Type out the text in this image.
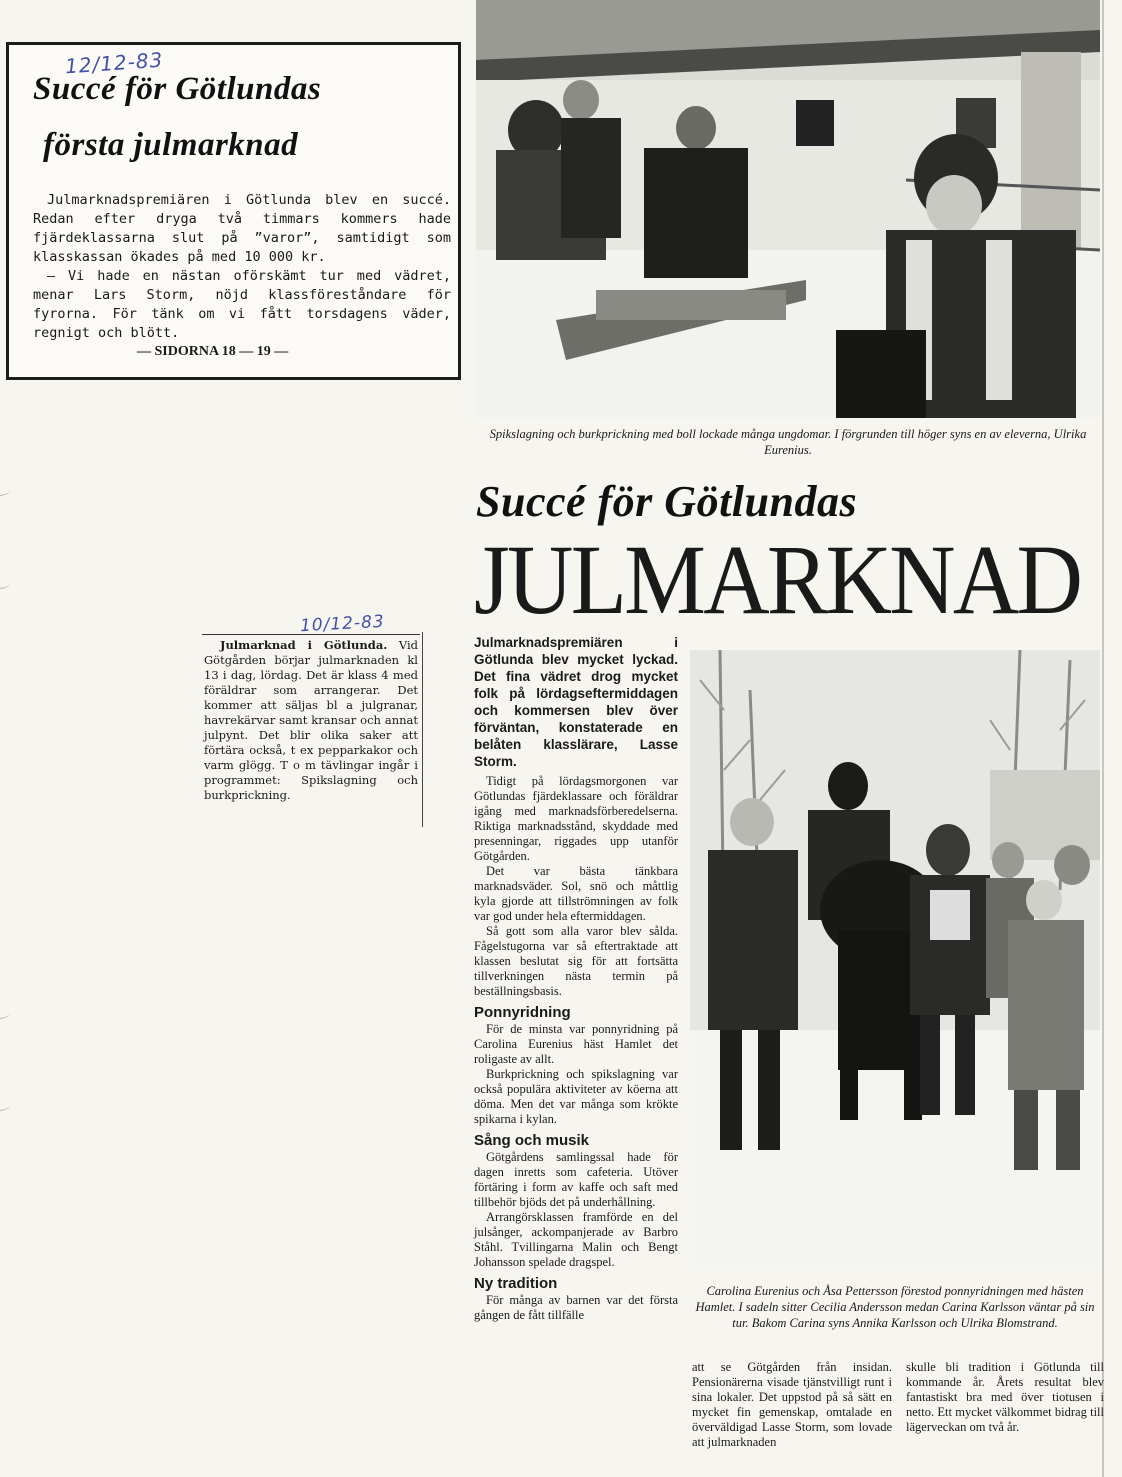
12/12-83
Succé för Götlundas
första julmarknad
Julmarknadspremiären i Götlunda blev en succé. Redan efter dryga två timmars kommers hade fjärdeklassarna slut på ”varor”, samtidigt som klasskassan ökades på med 10 000 kr.
— Vi hade en nästan oförskämt tur med vädret, menar Lars Storm, nöjd klassföreståndare för fyrorna. För tänk om vi fått torsdagens väder, regnigt och blött.
— SIDORNA 18 — 19 —
Spikslagning och burkprickning med boll lockade många ungdomar. I förgrunden till höger syns en av eleverna, Ulrika Eurenius.
Succé för Götlundas
JULMARKNAD
10/12-83
Julmarknad i Götlunda. Vid Götgården börjar julmarknaden kl 13 i dag, lördag. Det är klass 4 med föräldrar som arrangerar. Det kommer att säljas bl a julgranar, havrekärvar samt kransar och annat julpynt. Det blir olika saker att förtära också, t ex pepparkakor och varm glögg. T o m tävlingar ingår i programmet: Spikslagning och burkprickning.
Julmarknadspremiären i Götlunda blev mycket lyckad. Det fina vädret drog mycket folk på lördagseftermiddagen och kommersen blev över förväntan, konstaterade en belåten klasslärare, Lasse Storm.

Tidigt på lördagsmorgonen var Götlundas fjärdeklassare och föräldrar igång med marknadsförberedelserna. Riktiga marknadsstånd, skyddade med presenningar, riggades upp utanför Götgården.

Det var bästa tänkbara marknadsväder. Sol, snö och måttlig kyla gjorde att tillströmningen av folk var god under hela eftermiddagen.

Så gott som alla varor blev sålda. Fågelstugorna var så eftertraktade att klassen beslutat sig för att fortsätta tillverkningen nästa termin på beställningsbasis.

Ponnyridning

För de minsta var ponnyridning på Carolina Eurenius häst Hamlet det roligaste av allt.

Burkprickning och spikslagning var också populära aktiviteter av köerna att döma. Men det var många som krökte spikarna i kylan.

Sång och musik

Götgårdens samlingssal hade för dagen inretts som cafeteria. Utöver förtäring i form av kaffe och saft med tillbehör bjöds det på underhållning.

Arrangörsklassen framförde en del julsånger, ackompanjerade av Barbro Ståhl. Tvillingarna Malin och Bengt Johansson spelade dragspel.

Ny tradition

För många av barnen var det första gången de fått tillfälle

Carolina Eurenius och Åsa Pettersson förestod ponnyridningen med hästen Hamlet. I sadeln sitter Cecilia Andersson medan Carina Karlsson väntar på sin tur. Bakom Carina syns Annika Karlsson och Ulrika Blomstrand.
att se Götgården från insidan. Pensionärerna visade tjänstvilligt runt i sina lokaler. Det uppstod på så sätt en mycket fin gemenskap, omtalade en överväldigad Lasse Storm, som lovade att julmarknaden
skulle bli tradition i Götlunda till kommande år. Årets resultat blev fantastiskt bra med över tiotusen i netto. Ett mycket välkommet bidrag till lägerveckan om två år.
